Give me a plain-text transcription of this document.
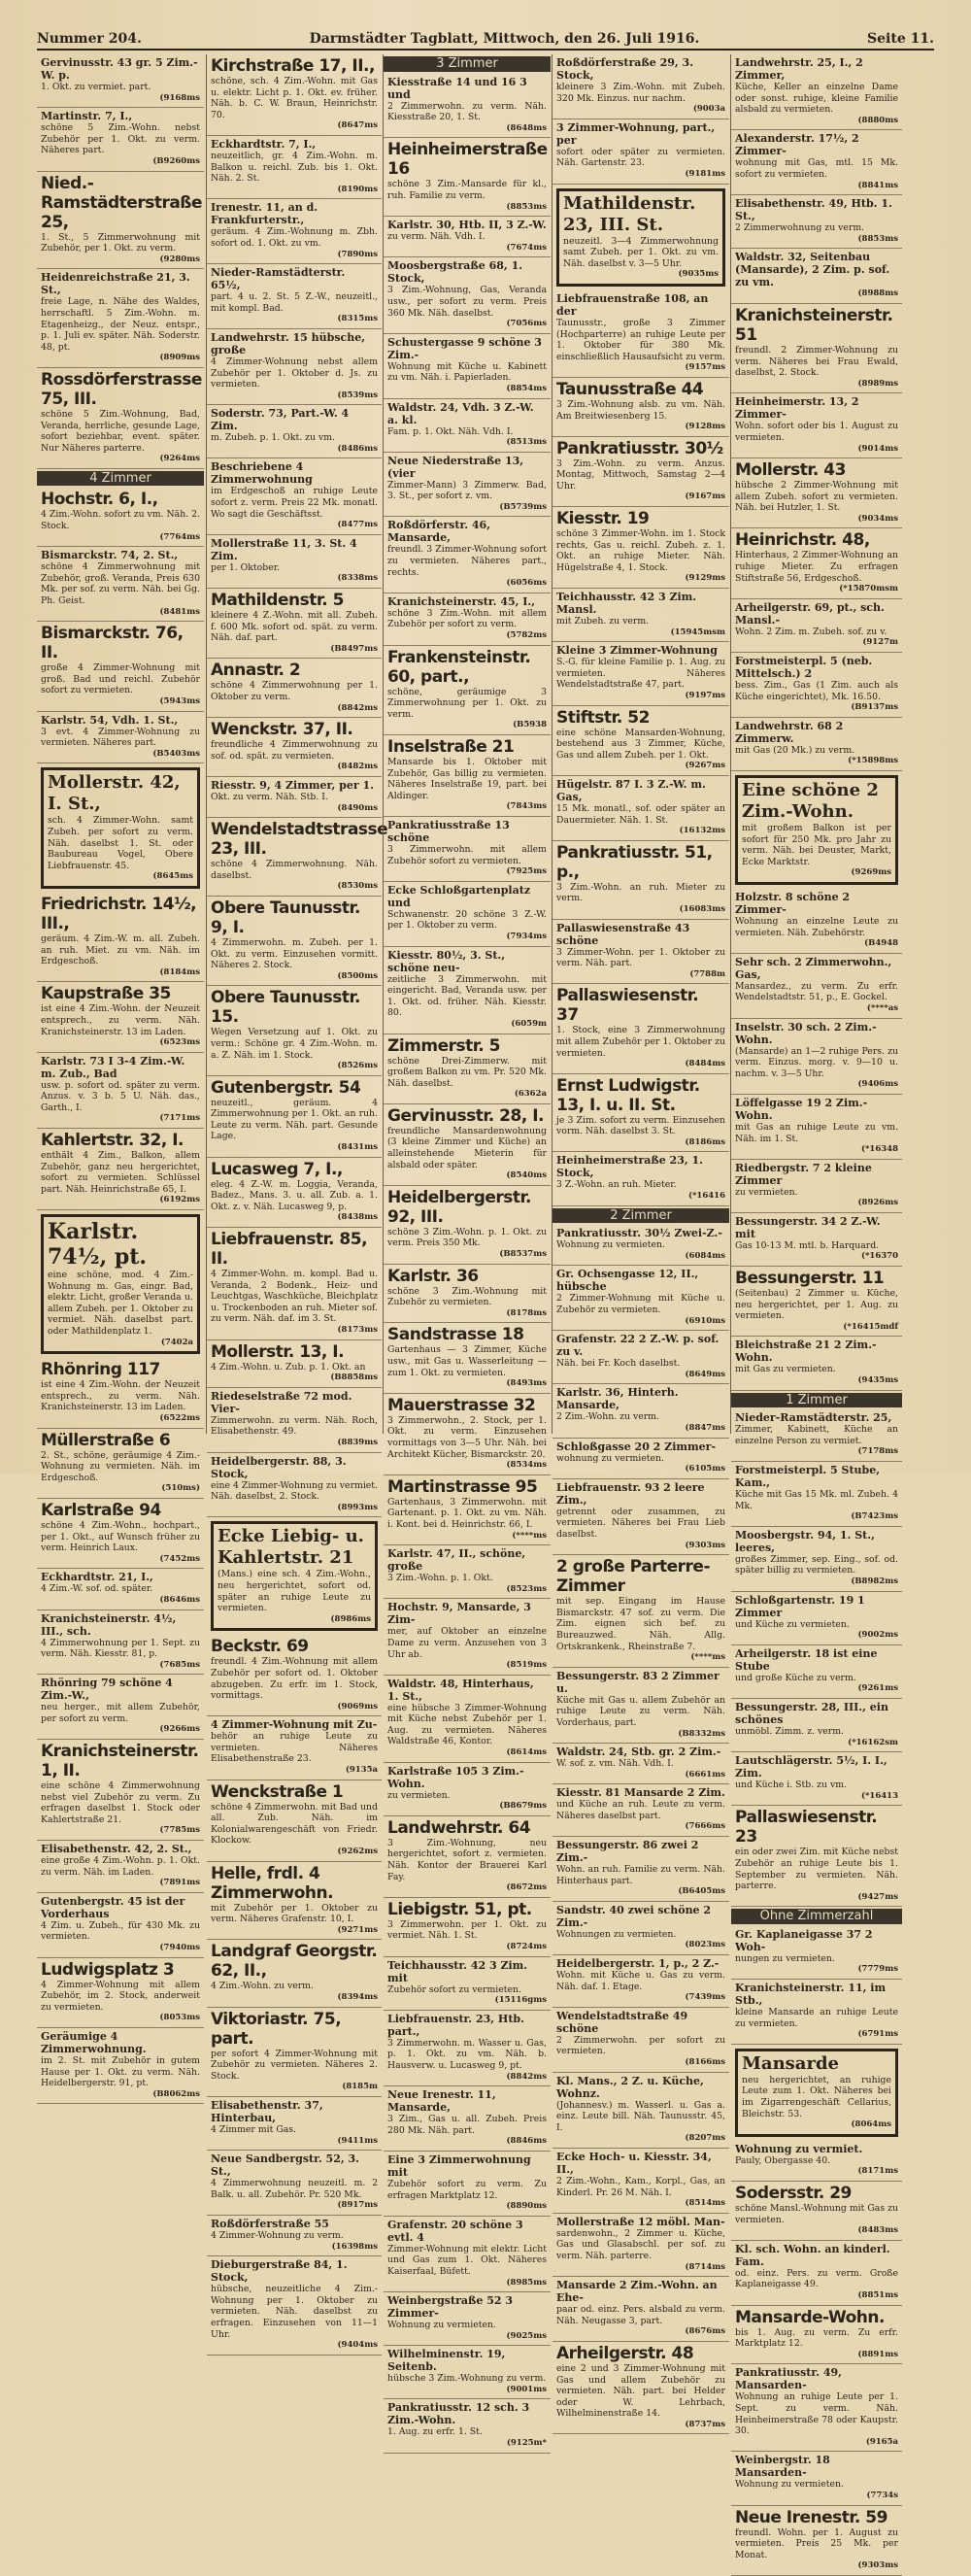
Nummer 204.	Darmstädter Tagblatt, Mittwoch, den 26. Juli 1916.	Seite 11.
Gervinusstr. 43 gr. 5 Zim.-W. p.
1. Okt. zu vermiet. part.
(9168ms
Martinstr. 7, I.,
schöne 5 Zim.-Wohn. nebst Zubehör per 1. Okt. zu verm. Näheres part.
(B9260ms
Nied.-Ramstädterstraße 25,
1. St., 5 Zimmerwohnung mit Zubehör, per 1. Okt. zu verm.
(9280ms
Heidenreichstraße 21, 3. St.,
freie Lage, n. Nähe des Waldes, herrschaftl. 5 Zim.-Wohn. m. Etagenheizg., der Neuz. entspr., p. 1. Juli ev. später. Näh. Soderstr. 48, pt.
(8909ms
Rossdörferstrasse 75, III.
schöne 5 Zim.-Wohnung, Bad, Veranda, herrliche, gesunde Lage, sofort beziehbar, event. später. Nur Näheres parterre.
(9264ms
4 Zimmer
Hochstr. 6, I.,
4 Zim.-Wohn. sofort zu vm. Näh. 2. Stock.
(7764ms
Bismarckstr. 74, 2. St.,
schöne 4 Zimmerwohnung mit Zubehör, groß. Veranda, Preis 630 Mk. per sof. zu verm. Näh. bei Gg. Ph. Geist.
(8481ms
Bismarckstr. 76, II.
große 4 Zimmer-Wohnung mit groß. Bad und reichl. Zubehör sofort zu vermieten.
(5943ms
Karlstr. 54, Vdh. 1. St.,
3 evt. 4 Zimmer-Wohnung zu vermieten. Näheres part.
(B5403ms
Mollerstr. 42, I. St.,
sch. 4 Zimmer-Wohn. samt Zubeh. per sofort zu verm. Näh. daselbst 1. St. oder Baubureau Vogel, Obere Liebfrauenstr. 45.
(8645ms
Friedrichstr. 14½, III.,
geräum. 4 Zim.-W. m. all. Zubeh. an ruh. Miet. zu vm. Näh. im Erdgeschoß.
(8184ms
Kaupstraße 35
ist eine 4 Zim.-Wohn. der Neuzeit entsprech., zu verm. Näh. Kranichsteinerstr. 13 im Laden.
(6523ms
Karlstr. 73 I 3-4 Zim.-W. m. Zub., Bad
usw. p. sofort od. später zu verm. Anzus. v. 3 b. 5 U. Näh. das., Garth., I.
(7171ms
Kahlertstr. 32, I.
enthält 4 Zim., Balkon, allem Zubehör, ganz neu hergerichtet, sofort zu vermieten. Schlüssel part. Näh. Heinrichstraße 65, I.
(6192ms
Karlstr. 74½, pt.
eine schöne, mod. 4 Zim.-Wohnung m. Gas, eingr. Bad, elektr. Licht, großer Veranda u. allem Zubeh. per 1. Oktober zu vermiet. Näh. daselbst part. oder Mathildenplatz 1.
(7402a
Rhönring 117
ist eine 4 Zim.-Wohn. der Neuzeit entsprech., zu verm. Näh. Kranichsteinerstr. 13 im Laden.
(6522ms
Müllerstraße 6
2. St., schöne, geräumige 4 Zim.-Wohnung zu vermieten. Näh. im Erdgeschoß.
(510ms)
Karlstraße 94
schöne 4 Zim.-Wohn., hochpart., per 1. Okt., auf Wunsch früher zu verm. Heinrich Laux.
(7452ms
Eckhardtstr. 21, I.,
4 Zim.-W. sof. od. später.
(8646ms
Kranichsteinerstr. 4½, III., sch.
4 Zimmerwohnung per 1. Sept. zu verm. Näh. Kiesstr. 81, p.
(7685ms
Rhönring 79 schöne 4 Zim.-W.,
neu herger., mit allem Zubehör, per sofort zu verm.
(9266ms
Kranichsteinerstr. 1, II.
eine schöne 4 Zimmerwohnung nebst viel Zubehör zu verm. Zu erfragen daselbst 1. Stock oder Kahlertstraße 21.
(7785ms
Elisabethenstr. 42, 2. St.,
eine große 4 Zim.-Wohn. p. 1. Okt. zu verm. Näh. im Laden.
(7891ms
Gutenbergstr. 45 ist der Vorderhaus
4 Zim. u. Zubeh., für 430 Mk. zu vermieten.
(7940ms
Ludwigsplatz 3
4 Zimmer-Wohnung mit allem Zubehör, im 2. Stock, anderweit zu vermieten.
(8053ms
Geräumige 4 Zimmerwohnung.
im 2. St. mit Zubehör in gutem Hause per 1. Okt. zu verm. Näh. Heidelbergerstr. 91, pt.
(B8062ms
Kirchstraße 17, II.,
schöne, sch. 4 Zim.-Wohn. mit Gas u. elektr. Licht p. 1. Okt. ev. früher. Näh. b. C. W. Braun, Heinrichstr. 70.
(8647ms
Eckhardtstr. 7, I.,
neuzeitlich, gr. 4 Zim.-Wohn. m. Balkon u. reichl. Zub. bis 1. Okt. Näh. 2. St.
(8190ms
Irenestr. 11, an d. Frankfurterstr.,
geräum. 4 Zim.-Wohnung m. Zbh. sofort od. 1. Okt. zu vm.
(7890ms
Nieder-Ramstädterstr. 65½,
part. 4 u. 2. St. 5 Z.-W., neuzeitl., mit kompl. Bad.
(8315ms
Landwehrstr. 15 hübsche, große
4 Zimmer-Wohnung nebst allem Zubehör per 1. Oktober d. Js. zu vermieten.
(8539ms
Soderstr. 73, Part.-W. 4 Zim.
m. Zubeh. p. 1. Okt. zu vm.
(8486ms
Beschriebene 4 Zimmerwohnung
im Erdgeschoß an ruhige Leute sofort z. verm. Preis 22 Mk. monatl. Wo sagt die Geschäftsst.
(8477ms
Mollerstraße 11, 3. St. 4 Zim.
per 1. Oktober.
(8338ms
Mathildenstr. 5
kleinere 4 Z.-Wohn. mit all. Zubeh. f. 600 Mk. sofort od. spät. zu verm. Näh. daf. part.
(B8497ms
Annastr. 2
schöne 4 Zimmerwohnung per 1. Oktober zu verm.
(8842ms
Wenckstr. 37, II.
freundliche 4 Zimmerwohnung zu sof. od. spät. zu vermieten.
(8482ms
Riesstr. 9, 4 Zimmer, per 1.
Okt. zu verm. Näh. Stb. I.
(8490ms
Wendelstadtstrasse 23, III.
schöne 4 Zimmerwohnung. Näh. daselbst.
(8530ms
Obere Taunusstr. 9, I.
4 Zimmerwohn. m. Zubeh. per 1. Okt. zu verm. Einzusehen vormitt. Näheres 2. Stock.
(8500ms
Obere Taunusstr. 15.
Wegen Versetzung auf 1. Okt. zu verm.: Schöne gr. 4 Zim.-Wohn. m. a. Z. Näh. im 1. Stock.
(8526ms
Gutenbergstr. 54
neuzeitl., geräum. 4 Zimmerwohnung per 1. Okt. an ruh. Leute zu verm. Näh. part. Gesunde Lage.
(8431ms
Lucasweg 7, I.,
eleg. 4 Z.-W. m. Loggia, Veranda, Badez., Mans. 3. u. all. Zub. a. 1. Okt. z. v. Näh. Lucasweg 9, p.
(8438ms
Liebfrauenstr. 85, II.
4 Zimmer-Wohn. m. kompl. Bad u. Veranda, 2 Bodenk., Heiz- und Leuchtgas, Waschküche, Bleichplatz u. Trockenboden an ruh. Mieter sof. zu verm. Näh. daf. im 3. St.
(8173ms
Mollerstr. 13, I.
4 Zim.-Wohn. u. Zub. p. 1. Okt. an
(B8858ms
Riedeselstraße 72 mod. Vier-
Zimmerwohn. zu verm. Näh. Roch, Elisabethenstr. 49.
(8839ms
Heidelbergerstr. 88, 3. Stock,
eine 4 Zimmer-Wohnung zu vermiet. Näh. daselbst, 2. Stock.
(8993ms
Ecke Liebig- u. Kahlertstr. 21
(Mans.) eine sch. 4 Zim.-Wohn., neu hergerichtet, sofort od. später an ruhige Leute zu vermieten.
(8986ms
Beckstr. 69
freundl. 4 Zim.-Wohnung mit allem Zubehör per sofort od. 1. Oktober abzugeben. Zu erfr. im 1. Stock, vormittags.
(9069ms
4 Zimmer-Wohnung mit Zu-
behör an ruhige Leute zu vermieten. Näheres Elisabethenstraße 23.
(9135a
Wenckstraße 1
schöne 4 Zimmerwohn. mit Bad und all. Zub. Näh. im Kolonialwarengeschäft von Friedr. Klockow.
(9262ms
Helle, frdl. 4 Zimmerwohn.
mit Zubehör per 1. Oktober zu verm. Näheres Grafenstr. 10, I.
(9271ms
Landgraf Georgstr. 62, II.,
4 Zim.-Wohn. zu verm.
(8394ms
Viktoriastr. 75, part.
per sofort 4 Zimmer-Wohnung mit Zubehör zu vermieten. Näheres 2. Stock.
(8185m
Elisabethenstr. 37, Hinterbau,
4 Zimmer mit Gas.
(9411ms
Neue Sandbergstr. 52, 3. St.,
4 Zimmerwohnung neuzeitl. m. 2 Balk. u. all. Zubehör. Pr. 520 Mk.
(8917ms
Roßdörferstraße 55
4 Zimmer-Wohnung zu verm.
(16398ms
Dieburgerstraße 84, 1. Stock,
hübsche, neuzeitliche 4 Zim.-Wohnung per 1. Oktober zu vermieten. Näh. daselbst zu erfragen. Einzusehen von 11—1 Uhr.
(9404ms
3 Zimmer
Kiesstraße 14 und 16 3 und
2 Zimmerwohn. zu verm. Näh. Kiesstraße 20, 1. St.
(8648ms
Heinheimerstraße 16
schöne 3 Zim.-Mansarde für kl., ruh. Familie zu verm.
(8853ms
Karlstr. 30, Htb. II, 3 Z.-W.
zu verm. Näh. Vdh. I.
(7674ms
Moosbergstraße 68, 1. Stock,
3 Zim.-Wohnung, Gas, Veranda usw., per sofort zu verm. Preis 360 Mk. Näh. daselbst.
(7056ms
Schustergasse 9 schöne 3 Zim.-
Wohnung mit Küche u. Kabinett zu vm. Näh. i. Papierladen.
(8854ms
Waldstr. 24, Vdh. 3 Z.-W. a. kl.
Fam. p. 1. Okt. Näh. Vdh. I.
(8513ms
Neue Niederstraße 13, (vier
Zimmer-Mann) 3 Zimmerw. Bad, 3. St., per sofort z. vm.
(B5739ms
Roßdörferstr. 46, Mansarde,
freundl. 3 Zimmer-Wohnung sofort zu vermieten. Näheres part., rechts.
(6056ms
Kranichsteinerstr. 45, I.,
schöne 3 Zim.-Wohn. mit allem Zubehör per sofort zu verm.
(5782ms
Frankensteinstr. 60, part.,
schöne, geräumige 3 Zimmerwohnung per 1. Okt. zu verm.
(B5938
Inselstraße 21
Mansarde bis 1. Oktober mit Zubehör, Gas billig zu vermieten. Näheres Inselstraße 19, part. bei Aldinger.
(7843ms
Pankratiusstraße 13 schöne
3 Zimmerwohn. mit allem Zubehör sofort zu vermieten.
(7925ms
Ecke Schloßgartenplatz und
Schwanenstr. 20 schöne 3 Z.-W. per 1. Oktober zu verm.
(7934ms
Kiesstr. 80½, 3. St., schöne neu-
zeitliche 3 Zimmerwohn. mit eingericht. Bad, Veranda usw. per 1. Okt. od. früher. Näh. Kiesstr. 80.
(6059m
Zimmerstr. 5
schöne Drei-Zimmerw. mit großem Balkon zu vm. Pr. 520 Mk. Näh. daselbst.
(6362a
Gervinusstr. 28, I.
freundliche Mansardenwohnung (3 kleine Zimmer und Küche) an alleinstehende Mieterin für alsbald oder später.
(8540ms
Heidelbergerstr. 92, III.
schöne 3 Zim.-Wohn. p. 1. Okt. zu verm. Preis 350 Mk.
(B8537ms
Karlstr. 36
schöne 3 Zim.-Wohnung mit Zubehör zu vermieten.
(8178ms
Sandstrasse 18
Gartenhaus — 3 Zimmer, Küche usw., mit Gas u. Wasserleitung — zum 1. Okt. zu vermieten.
(8493ms
Mauerstrasse 32
3 Zimmerwohn., 2. Stock, per 1. Okt. zu verm. Einzusehen vormittags von 3—5 Uhr. Näh. bei Architekt Kücher, Bismarckstr. 20.
(8534ms
Martinstrasse 95
Gartenhaus, 3 Zimmerwohn. mit Gartenant. p. 1. Okt. zu vm. Näh. i. Kont. bei d. Heinrichstr. 66, I.
(****ms
Karlstr. 47, II., schöne, große
3 Zim.-Wohn. p. 1. Okt.
(8523ms
Hochstr. 9, Mansarde, 3 Zim-
mer, auf Oktober an einzelne Dame zu verm. Anzusehen von 3 Uhr ab.
(8519ms
Waldstr. 48, Hinterhaus, 1. St.,
eine hübsche 3 Zimmer-Wohnung mit Küche nebst Zubehör per 1. Aug. zu vermieten. Näheres Waldstraße 46, Kontor.
(8614ms
Karlstraße 105 3 Zim.-Wohn.
zu vermieten.
(B8679ms
Landwehrstr. 64
3 Zim.-Wohnung, neu hergerichtet, sofort z. vermieten. Näh. Kontor der Brauerei Karl Fay.
(8672ms
Liebigstr. 51, pt.
3 Zimmerwohn. per 1. Okt. zu vermiet. Näh. 1. St.
(8724ms
Teichhausstr. 42 3 Zim. mit
Zubehör sofort zu vermieten.
(15116gms
Liebfrauenstr. 23, Htb. part.,
3 Zimmerwohn. m. Wasser u. Gas, p. 1. Okt. zu vm. Näh. b. Hausverw. u. Lucasweg 9, pt.
(8842ms
Neue Irenestr. 11, Mansarde,
3 Zim., Gas u. all. Zubeh. Preis 280 Mk. Näh. part.
(8846ms
Eine 3 Zimmerwohnung mit
Zubehör sofort zu verm. Zu erfragen Marktplatz 12.
(8890ms
Grafenstr. 20 schöne 3 evtl. 4
Zimmer-Wohnung mit elektr. Licht und Gas zum 1. Okt. Näheres Kaiserfaal, Büfett.
(8985ms
Weinbergstraße 52 3 Zimmer-
Wohnung zu vermieten.
(9025ms
Wilhelminenstr. 19, Seitenb.
hübsche 3 Zim.-Wohnung zu verm.
(9001ms
Pankratiusstr. 12 sch. 3 Zim.-Wohn.
1. Aug. zu erfr. 1. St.
(9125m*
Roßdörferstraße 29, 3. Stock,
kleinere 3 Zim.-Wohn. mit Zubeh. 320 Mk. Einzus. nur nachm.
(9003a
3 Zimmer-Wohnung, part., per
sofort oder später zu vermieten. Näh. Gartenstr. 23.
(9181ms
Mathildenstr. 23, III. St.
neuzeitl. 3—4 Zimmerwohnung samt Zubeh. per 1. Okt. zu vm. Näh. daselbst v. 3—5 Uhr.
(9035ms
Liebfrauenstraße 108, an der
Taunusstr., große 3 Zimmer (Hochparterre) an ruhige Leute per 1. Oktober für 380 Mk. einschließlich Hausaufsicht zu verm.
(9157ms
Taunusstraße 44
3 Zim.-Wohnung alsb. zu vm. Näh. Am Breitwiesenberg 15.
(9128ms
Pankratiusstr. 30½
3 Zim.-Wohn. zu verm. Anzus. Montag, Mittwoch, Samstag 2—4 Uhr.
(9167ms
Kiesstr. 19
schöne 3 Zimmer-Wohn. im 1. Stock rechts, Gas u. reichl. Zubeh. z. 1. Okt. an ruhige Mieter. Näh. Hügelstraße 4, 1. Stock.
(9129ms
Teichhausstr. 42 3 Zim. Mansl.
mit Zubeh. zu verm.
(15945msm
Kleine 3 Zimmer-Wohnung
S.-G. für kleine Familie p. 1. Aug. zu vermieten. Näheres Wendelstadtstraße 47, part.
(9197ms
Stiftstr. 52
eine schöne Mansarden-Wohnung, bestehend aus 3 Zimmer, Küche, Gas und allem Zubeh. per 1. Okt.
(9267ms
Hügelstr. 87 I. 3 Z.-W. m. Gas,
15 Mk. monatl., sof. oder später an Dauermieter. Näh. 1. St.
(16132ms
Pankratiusstr. 51, p.,
3 Zim.-Wohn. an ruh. Mieter zu verm.
(16083ms
Pallaswiesenstraße 43 schöne
3 Zimmer-Wohn. per 1. Oktober zu verm. Näh. part.
(7788m
Pallaswiesenstr. 37
1. Stock, eine 3 Zimmerwohnung mit allem Zubehör per 1. Oktober zu vermieten.
(8484ms
Ernst Ludwigstr. 13, I. u. II. St.
je 3 Zim. sofort zu verm. Einzusehen vorm. Näh. daselbst 3. St.
(8186ms
Heinheimerstraße 23, 1. Stock,
3 Z.-Wohn. an ruh. Mieter.
(*16416
2 Zimmer
Pankratiusstr. 30½ Zwei-Z.-
Wohnung zu vermieten.
(6084ms
Gr. Ochsengasse 12, II., hübsche
2 Zimmer-Wohnung mit Küche u. Zubehör zu vermieten.
(6910ms
Grafenstr. 22 2 Z.-W. p. sof. zu v.
Näh. bei Fr. Koch daselbst.
(8649ms
Karlstr. 36, Hinterh. Mansarde,
2 Zim.-Wohn. zu verm.
(8847ms
Schloßgasse 20 2 Zimmer-
wohnung zu vermieten.
(6105ms
Liebfrauenstr. 93 2 leere Zim.,
getrennt oder zusammen, zu vermieten. Näheres bei Frau Lieb daselbst.
(9303ms
2 große Parterre-Zimmer
mit sep. Eingang im Hause Bismarckstr. 47 sof. zu verm. Die Zim. eignen sich bef. zu Bureauzwed. Näh. Allg. Ortskrankenk., Rheinstraße 7.
(****ms
Bessungerstr. 83 2 Zimmer u.
Küche mit Gas u. allem Zubehör an ruhige Leute zu verm. Näh. Vorderhaus, part.
(B8332ms
Waldstr. 24, Stb. gr. 2 Zim.-
W. sof. z. vm. Näh. Vdh. I.
(6661ms
Kiesstr. 81 Mansarde 2 Zim.
und Küche an ruh. Leute zu verm. Näheres daselbst part.
(7666ms
Bessungerstr. 86 zwei 2 Zim.-
Wohn. an ruh. Familie zu verm. Näh. Hinterhaus part.
(B6405ms
Sandstr. 40 zwei schöne 2 Zim.-
Wohnungen zu vermieten.
(8023ms
Heidelbergerstr. 1, p., 2 Z.-
Wohn. mit Küche u. Gas zu verm. Näh. daf. 1. Etage.
(7439ms
Wendelstadtstraße 49 schöne
2 Zimmerwohn. per sofort zu vermieten.
(8166ms
Kl. Mans., 2 Z. u. Küche, Wohnz.
(Johannesv.) m. Wasserl. u. Gas a. einz. Leute bill. Näh. Taunusstr. 45, I.
(8207ms
Ecke Hoch- u. Kiesstr. 34, II.,
2 Zim.-Wohn., Kam., Korpl., Gas, an Kinderl. Pr. 26 M. Näh. I.
(8514ms
Mollerstraße 12 möbl. Man-
sardenwohn., 2 Zimmer u. Küche, Gas und Glasabschl. per sof. zu verm. Näh. parterre.
(8714ms
Mansarde 2 Zim.-Wohn. an Ehe-
paar od. einz. Pers. alsbald zu verm. Näh. Neugasse 3, part.
(8676ms
Arheilgerstr. 48
eine 2 und 3 Zimmer-Wohnung mit Gas und allem Zubehör zu vermieten. Näh. part. bei Helder oder W. Lehrbach, Wilhelminenstraße 14.
(8737ms
Landwehrstr. 25, I., 2 Zimmer,
Küche, Keller an einzelne Dame oder sonst. ruhige, kleine Familie alsbald zu vermieten.
(8880ms
Alexanderstr. 17½, 2 Zimmer-
wohnung mit Gas, mtl. 15 Mk. sofort zu vermieten.
(8841ms
Elisabethenstr. 49, Htb. 1. St.,
2 Zimmerwohnung zu verm.
(8853ms
Waldstr. 32, Seitenbau (Mansarde), 2 Zim. p. sof. zu vm.
(8988ms
Kranichsteinerstr. 51
freundl. 2 Zimmer-Wohnung zu verm. Näheres bei Frau Ewald, daselbst, 2. Stock.
(8989ms
Heinheimerstr. 13, 2 Zimmer-
Wohn. sofort oder bis 1. August zu vermieten.
(9014ms
Mollerstr. 43
hübsche 2 Zimmer-Wohnung mit allem Zubeh. sofort zu vermieten. Näh. bei Hutzler, 1. St.
(9034ms
Heinrichstr. 48,
Hinterhaus, 2 Zimmer-Wohnung an ruhige Mieter. Zu erfragen Stiftstraße 56, Erdgeschoß.
(*15870msm
Arheilgerstr. 69, pt., sch. Mansl.-
Wohn. 2 Zim. m. Zubeh. sof. zu v.
(9127m
Forstmeisterpl. 5 (neb. Mittelsch.) 2
bess. Zim., Gas (1 Zim. auch als Küche eingerichtet), Mk. 16.50.
(B9137ms
Landwehrstr. 68 2 Zimmerw.
mit Gas (20 Mk.) zu verm.
(*15898ms
Eine schöne 2 Zim.-Wohn.
mit großem Balkon ist per sofort für 250 Mk. pro Jahr zu verm. Näh. bei Deuster, Markt, Ecke Marktstr.
(9269ms
Holzstr. 8 schöne 2 Zimmer-
Wohnung an einzelne Leute zu vermieten. Näh. Zubehörstr.
(B4948
Sehr sch. 2 Zimmerwohn., Gas,
Mansardez., zu verm. Zu erfr. Wendelstadtstr. 51, p., E. Gockel.
(****as
Inselstr. 30 sch. 2 Zim.-Wohn.
(Mansarde) an 1—2 ruhige Pers. zu verm. Einzus. morg. v. 9—10 u. nachm. v. 3—5 Uhr.
(9406ms
Löffelgasse 19 2 Zim.-Wohn.
mit Gas an ruhige Leute zu vm. Näh. im 1. St.
(*16348
Riedbergstr. 7 2 kleine Zimmer
zu vermieten.
(8926ms
Bessungerstr. 34 2 Z.-W. mit
Gas 10-13 M. mtl. b. Harquard.
(*16370
Bessungerstr. 11
(Seitenbau) 2 Zimmer u. Küche, neu hergerichtet, per 1. Aug. zu vermieten.
(*16415mdf
Bleichstraße 21 2 Zim.-Wohn.
mit Gas zu vermieten.
(9435ms
1 Zimmer
Nieder-Ramstädterstr. 25,
Zimmer, Kabinett, Küche an einzelne Person zu vermiet.
(7178ms
Forstmeisterpl. 5 Stube, Kam.,
Küche mit Gas 15 Mk. ml. Zubeh. 4 Mk.
(B7423ms
Moosbergstr. 94, 1. St., leeres,
großes Zimmer, sep. Eing., sof. od. später billig zu vermieten.
(B8982ms
Schloßgartenstr. 19 1 Zimmer
und Küche zu vermieten.
(9002ms
Arheilgerstr. 18 ist eine Stube
und große Küche zu verm.
(9261ms
Bessungerstr. 28, III., ein schönes
unmöbl. Zimm. z. verm.
(*16162sm
Lautschlägerstr. 5½, I. I., Zim.
und Küche i. Stb. zu vm.
(*16413
Pallaswiesenstr. 23
ein oder zwei Zim. mit Küche nebst Zubehör an ruhige Leute bis 1. September zu vermieten. Näh. parterre.
(9427ms
Ohne Zimmerzahl
Gr. Kaplaneigasse 37 2 Woh-
nungen zu vermieten.
(7779ms
Kranichsteinerstr. 11, im Stb.,
kleine Mansarde an ruhige Leute zu vermieten.
(6791ms
Mansarde
neu hergerichtet, an ruhige Leute zum 1. Okt. Näheres bei im Zigarrengeschäft Cellarius, Bleichstr. 53.
(8064ms
Wohnung zu vermiet.
Pauly, Obergasse 40.
(8171ms
Sodersstr. 29
schöne Mansl.-Wohnung mit Gas zu vermieten.
(8483ms
Kl. sch. Wohn. an kinderl. Fam.
od. einz. Pers. zu verm. Große Kaplaneigasse 49.
(8851ms
Mansarde-Wohn.
bis 1. Aug. zu verm. Zu erfr. Marktplatz 12.
(8891ms
Pankratiusstr. 49, Mansarden-
Wohnung an ruhige Leute per 1. Sept. zu verm. Näh. Heinheimerstraße 78 oder Kaupstr. 30.
(9165a
Weinbergstr. 18 Mansarden-
Wohnung zu vermieten.
(7734s
Neue Irenestr. 59
freundl. Wohn. per 1. August zu vermieten. Preis 25 Mk. per Monat.
(9303ms
